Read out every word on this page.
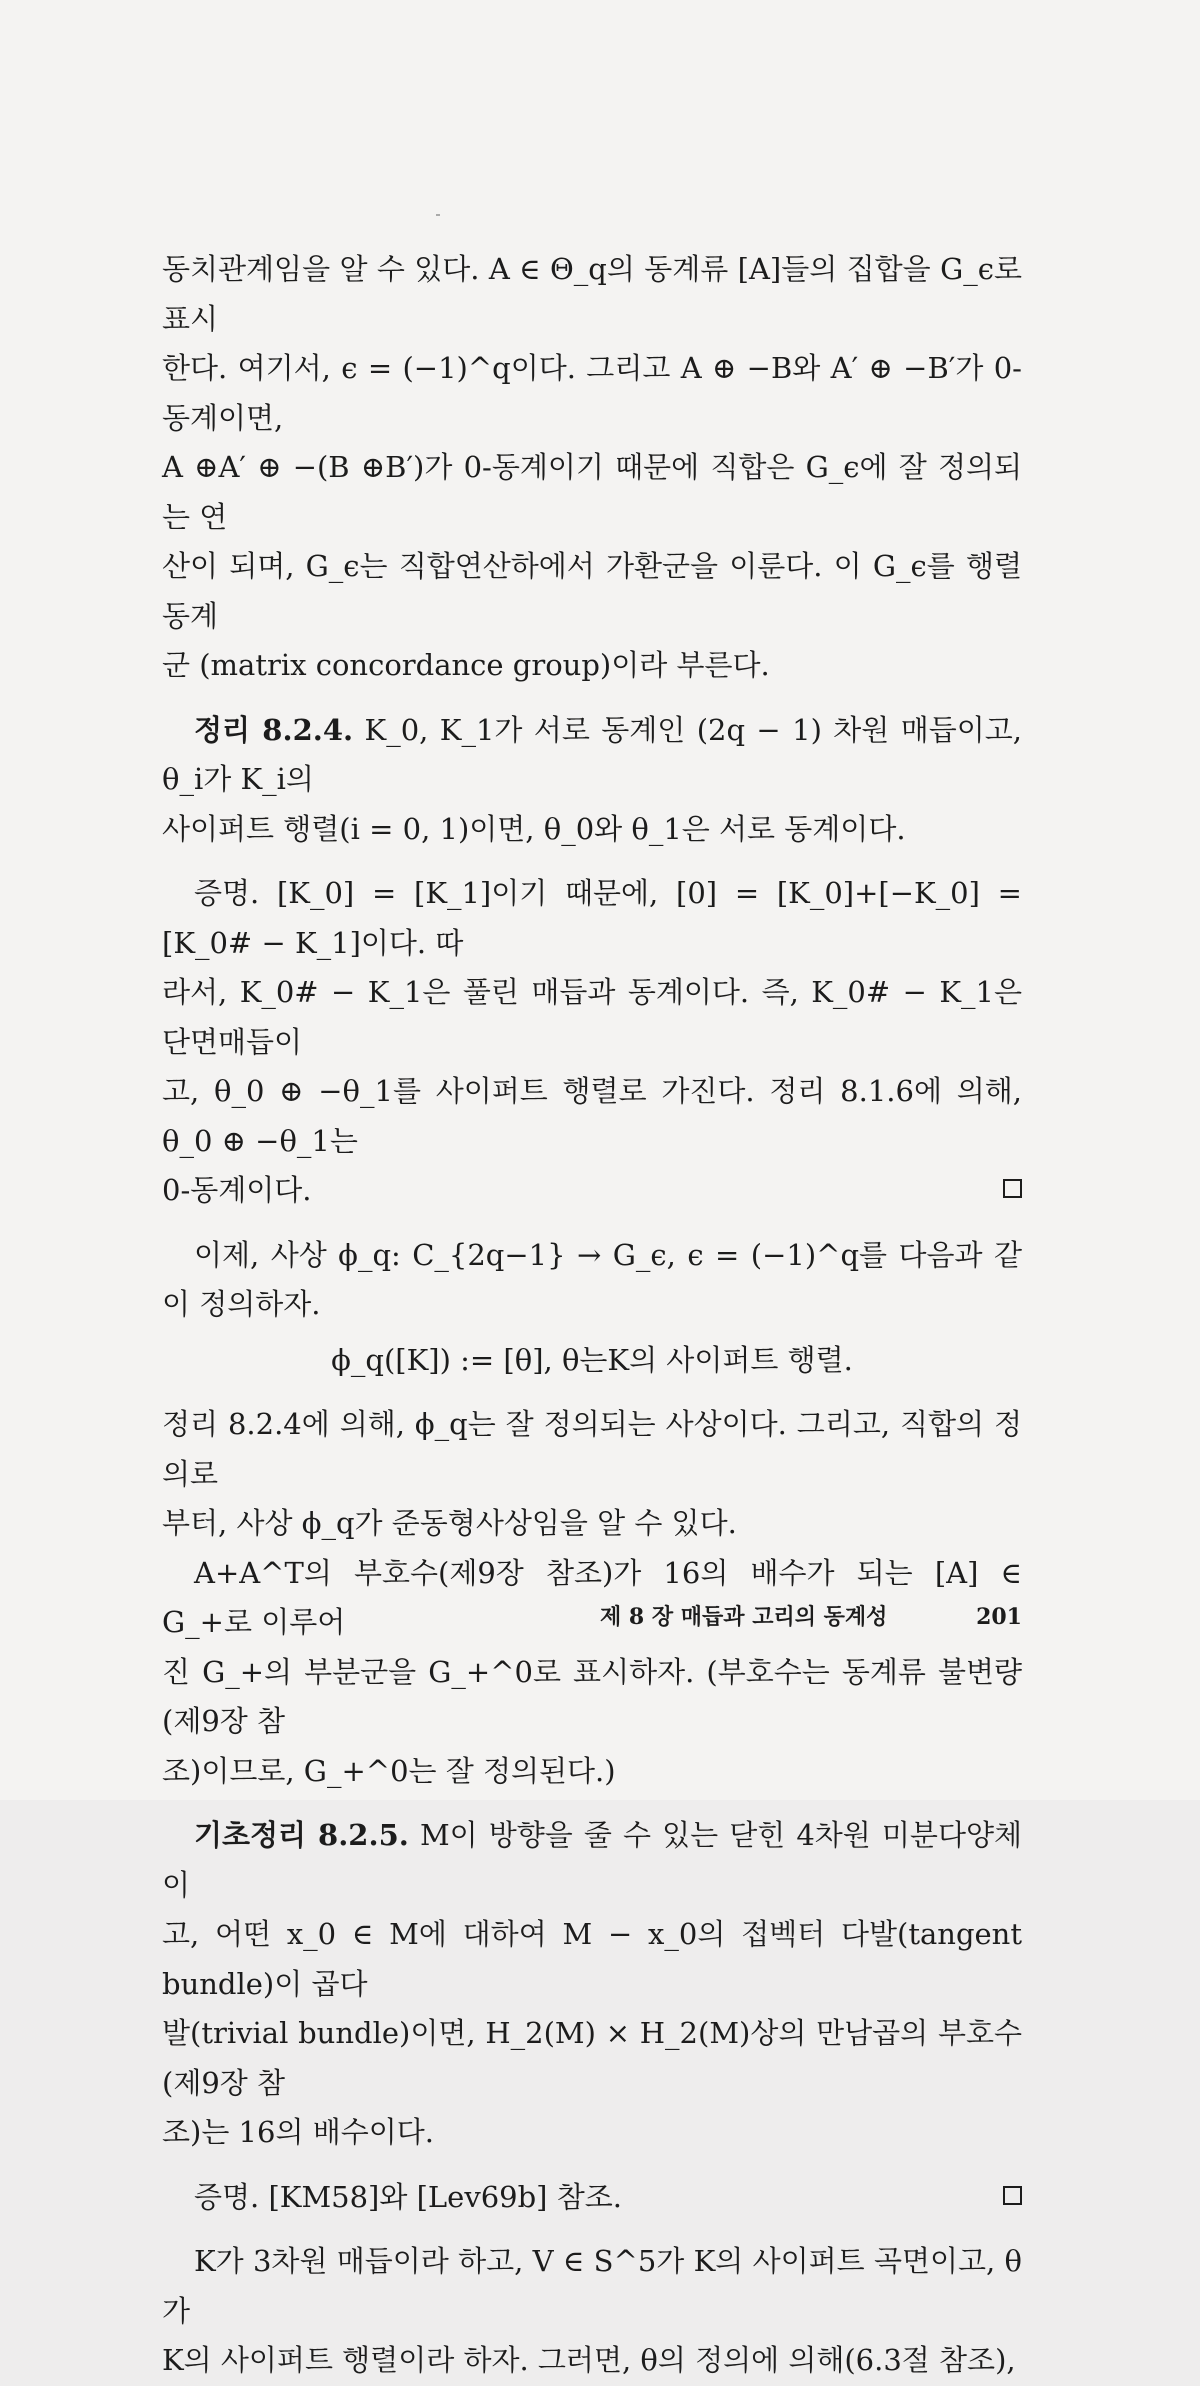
동치관계임을 알 수 있다. A ∈ Θ_q의 동계류 [A]들의 집합을 G_ϵ로 표시

한다. 여기서, ϵ = (−1)^q이다. 그리고 A ⊕ −B와 A′ ⊕ −B′가 0-동계이면,

A ⊕A′ ⊕ −(B ⊕B′)가 0-동계이기 때문에 직합은 G_ϵ에 잘 정의되는 연

산이 되며, G_ϵ는 직합연산하에서 가환군을 이룬다. 이 G_ϵ를 행렬동계

군 (matrix concordance group)이라 부른다.

정리 8.2.4. K_0, K_1가 서로 동계인 (2q − 1) 차원 매듭이고, θ_i가 K_i의

사이퍼트 행렬(i = 0, 1)이면, θ_0와 θ_1은 서로 동계이다.

증명. [K_0] = [K_1]이기 때문에, [0] = [K_0]+[−K_0] = [K_0# − K_1]이다. 따

라서, K_0# − K_1은 풀린 매듭과 동계이다. 즉, K_0# − K_1은 단면매듭이

고, θ_0 ⊕ −θ_1를 사이퍼트 행렬로 가진다. 정리 8.1.6에 의해, θ_0 ⊕ −θ_1는

0-동계이다.

이제, 사상 ϕ_q: C_{2q−1} → G_ϵ, ϵ = (−1)^q를 다음과 같이 정의하자.

ϕ_q([K]) := [θ], θ는K의 사이퍼트 행렬.

정리 8.2.4에 의해, ϕ_q는 잘 정의되는 사상이다. 그리고, 직합의 정의로

부터, 사상 ϕ_q가 준동형사상임을 알 수 있다.

A+A^T의 부호수(제9장 참조)가 16의 배수가 되는 [A] ∈ G_+로 이루어

진 G_+의 부분군을 G_+^0로 표시하자. (부호수는 동계류 불변량(제9장 참

조)이므로, G_+^0는 잘 정의된다.)

기초정리 8.2.5. M이 방향을 줄 수 있는 닫힌 4차원 미분다양체이

고, 어떤 x_0 ∈ M에 대하여 M − x_0의 접벡터 다발(tangent bundle)이 곱다

발(trivial bundle)이면, H_2(M) × H_2(M)상의 만남곱의 부호수(제9장 참

조)는 16의 배수이다.

증명. [KM58]와 [Lev69b] 참조.

K가 3차원 매듭이라 하고, V ∈ S^5가 K의 사이퍼트 곡면이고, θ가

K의 사이퍼트 행렬이라 하자. 그러면, θ의 정의에 의해(6.3절 참조),

제 8 장 매듭과 고리의 동계성	201
